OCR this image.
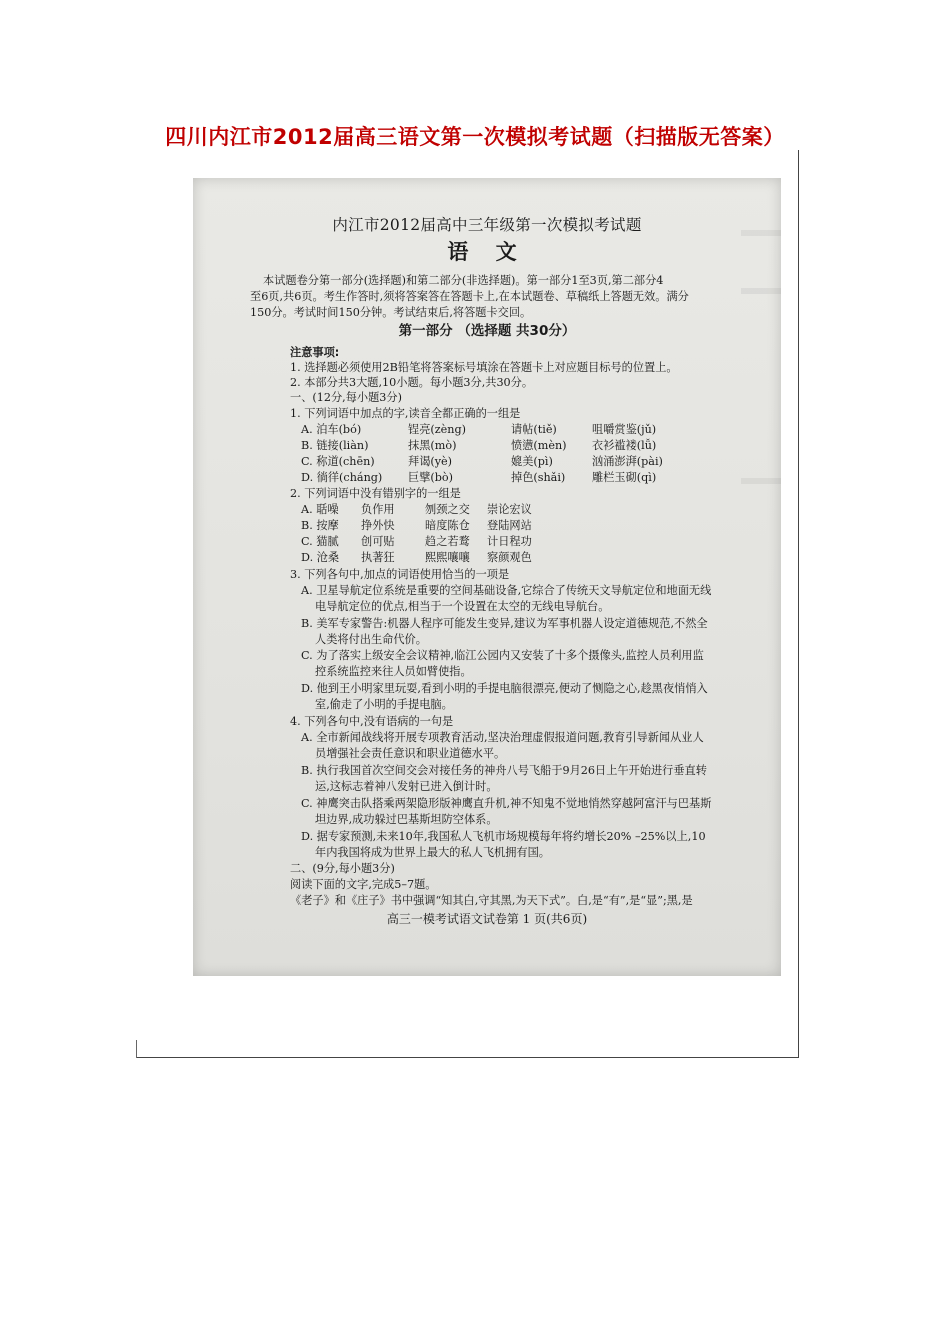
四川内江市2012届高三语文第一次模拟考试题（扫描版无答案）
内江市2012届高中三年级第一次模拟考试题
语 文
本试题卷分第一部分(选择题)和第二部分(非选择题)。第一部分1至3页,第二部分4
至6页,共6页。考生作答时,须将答案答在答题卡上,在本试题卷、草稿纸上答题无效。满分
150分。考试时间150分钟。考试结束后,将答题卡交回。
第一部分 （选择题 共30分）
注意事项:
1. 选择题必须使用2B铅笔将答案标号填涂在答题卡上对应题目标号的位置上。
2. 本部分共3大题,10小题。每小题3分,共30分。
一、(12分,每小题3分)
1. 下列词语中加点的字,读音全都正确的一组是
A. 泊车(bó)	锃亮(zèng)	请帖(tiě)	咀嚼赏鉴(jǔ)
B. 链接(liàn)	抹黑(mò)	愤懑(mèn) 衣衫褴褛(lǚ)
C. 称道(chēn)	拜谒(yè)	媲美(pì)	汹涌澎湃(pài)
D. 徜徉(cháng) 巨擘(bò)	掉色(shǎi) 雕栏玉砌(qì)
2. 下列词语中没有错别字的一组是
A. 聒噪 负作用	刎颈之交 崇论宏议
B. 按摩 挣外快	暗度陈仓 登陆网站
C. 猫腻 创可贴	趋之若鹜 计日程功
D. 沧桑 执著狂	熙熙嚷嚷 察颜观色
3. 下列各句中,加点的词语使用恰当的一项是
A. 卫星导航定位系统是重要的空间基础设备,它综合了传统天文导航定位和地面无线
电导航定位的优点,相当于一个设置在太空的无线电导航台。
B. 美军专家警告:机器人程序可能发生变异,建议为军事机器人设定道德规范,不然全
人类将付出生命代价。
C. 为了落实上级安全会议精神,临江公园内又安装了十多个摄像头,监控人员利用监
控系统监控来往人员如臂使指。
D. 他到王小明家里玩耍,看到小明的手提电脑很漂亮,便动了恻隐之心,趁黑夜悄悄入
室,偷走了小明的手提电脑。
4. 下列各句中,没有语病的一句是
A. 全市新闻战线将开展专项教育活动,坚决治理虚假报道问题,教育引导新闻从业人
员增强社会责任意识和职业道德水平。
B. 执行我国首次空间交会对接任务的神舟八号飞船于9月26日上午开始进行垂直转
运,这标志着神八发射已进入倒计时。
C. 神鹰突击队搭乘两架隐形版神鹰直升机,神不知鬼不觉地悄然穿越阿富汗与巴基斯
坦边界,成功躲过巴基斯坦防空体系。
D. 据专家预测,未来10年,我国私人飞机市场规模每年将约增长20% –25%以上,10
年内我国将成为世界上最大的私人飞机拥有国。
二、(9分,每小题3分)
阅读下面的文字,完成5–7题。
《老子》和《庄子》书中强调“知其白,守其黑,为天下式”。白,是“有”,是“显”;黑,是
高三一模考试语文试卷第 1 页(共6页)
